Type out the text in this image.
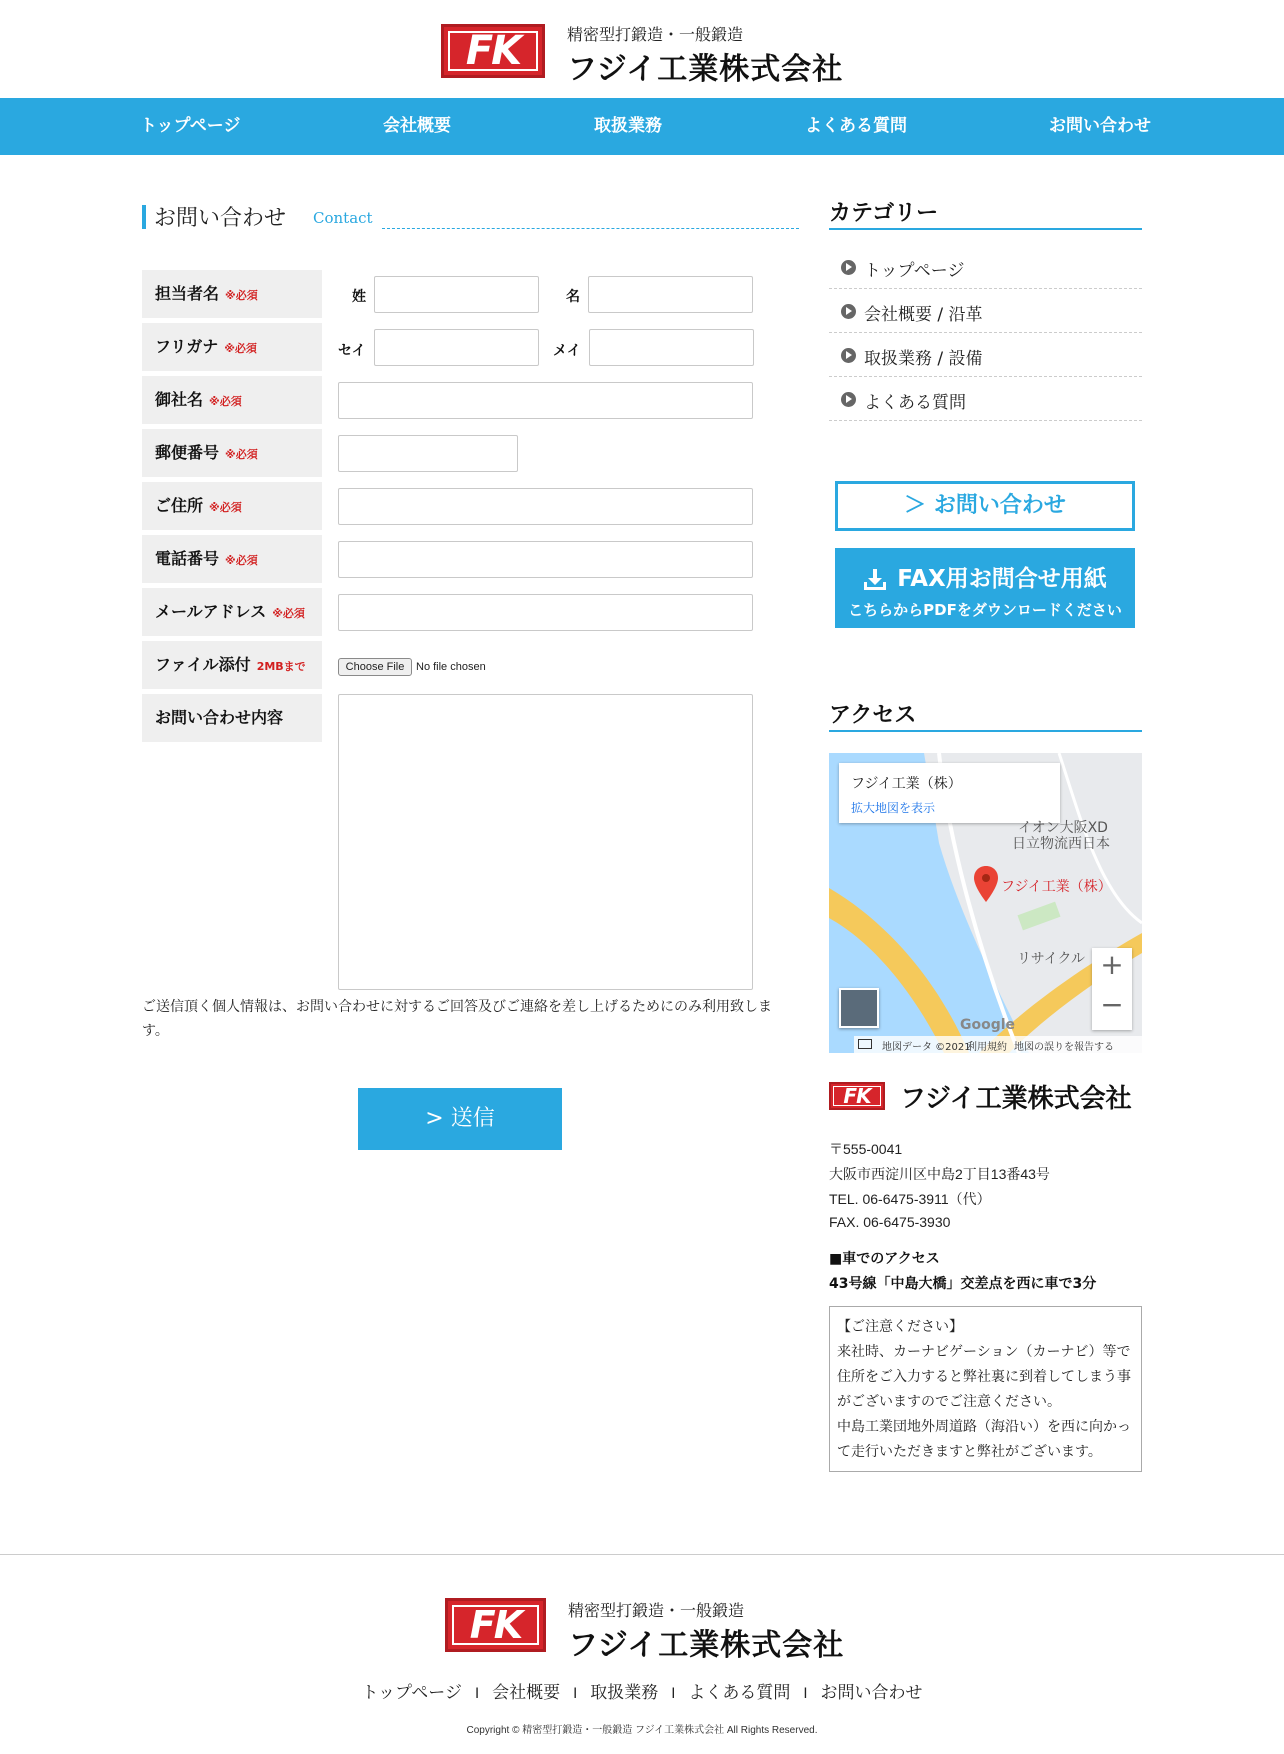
FK	精密型打鍛造・一般鍛造
フジイ工業株式会社
トップページ	会社概要	取扱業務	よくある質問	お問い合わせ
お問い合わせ Contact
担当者名 ※必須	姓	名
フリガナ ※必須	セイ	メイ
御社名 ※必須
郵便番号 ※必須
ご住所 ※必須
電話番号 ※必須
メールアドレス ※必須
ファイル添付 2MBまで	Choose File	No file chosen
お問い合わせ内容
ご送信頂く個人情報は、お問い合わせに対するご回答及びご連絡を差し上げるためにのみ利用致しま
す。
> 送信
カテゴリー
トップページ
会社概要 / 沿革
取扱業務 / 設備
よくある質問
＞ お問い合わせ
FAX用お問合せ用紙
こちらからPDFをダウンロードください
アクセス
フジイ工業（株）
拡大地図を表示
イオン大阪XD
日立物流西日本
フジイ工業（株）
リサイクル +
−
Google
地図データ ©2021
利用規約 地図の誤りを報告する
FK	フジイ工業株式会社
〒555-0041
大阪市西淀川区中島2丁目13番43号
TEL. 06-6475-3911（代）
FAX. 06-6475-3930
■車でのアクセス
43号線「中島大橋」交差点を西に車で3分
【ご注意ください】
来社時、カーナビゲーション（カーナビ）等で
住所をご入力すると弊社裏に到着してしまう事
がございますのでご注意ください。
中島工業団地外周道路（海沿い）を西に向かっ
て走行いただきますと弊社がございます。
FK	精密型打鍛造・一般鍛造
フジイ工業株式会社
トップページ I 会社概要 I 取扱業務 I よくある質問 I お問い合わせ
Copyright © 精密型打鍛造・一般鍛造 フジイ工業株式会社 All Rights Reserved.
